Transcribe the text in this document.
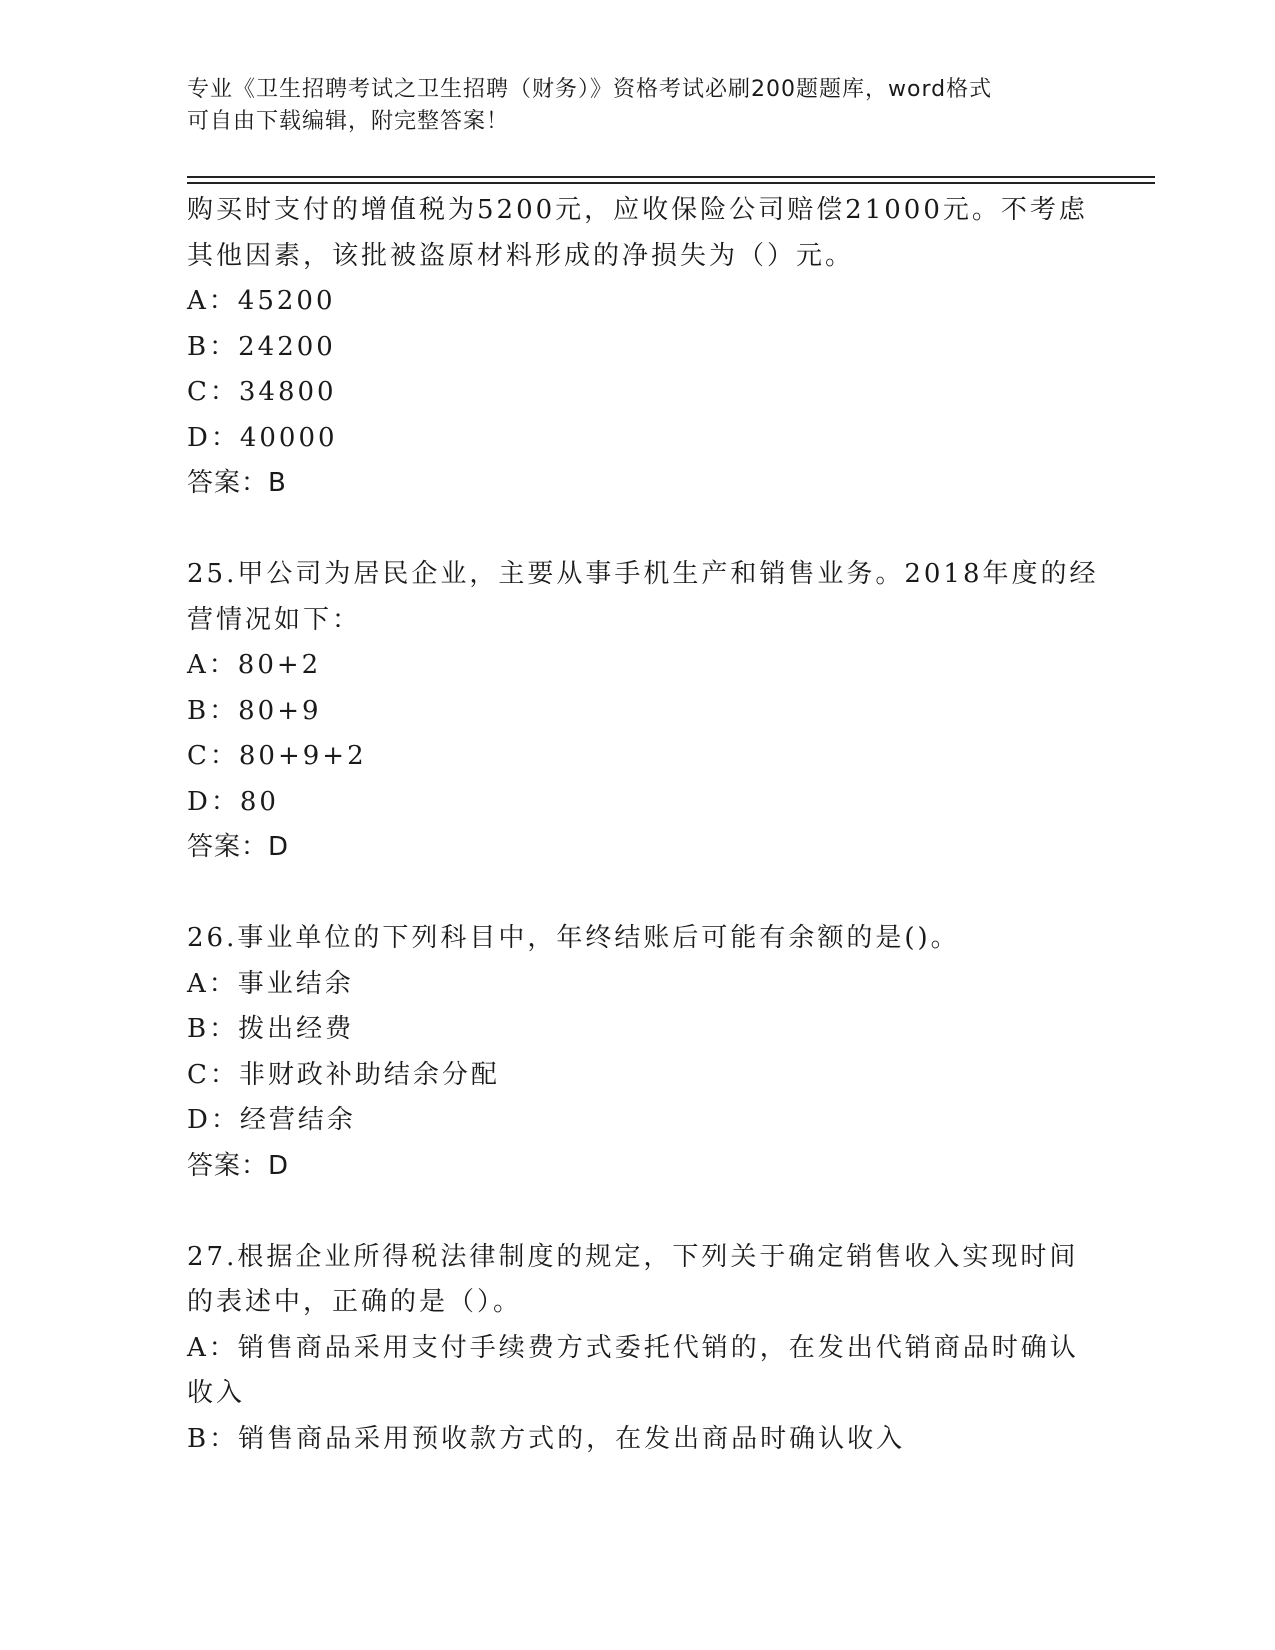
专业《卫生招聘考试之卫生招聘（财务）》资格考试必刷200题题库，word格式
可自由下载编辑，附完整答案！
购买时支付的增值税为5200元，应收保险公司赔偿21000元。不考虑
其他因素，该批被盗原材料形成的净损失为（）元。
A：45200
B：24200
C：34800
D：40000
答案：B
25.甲公司为居民企业，主要从事手机生产和销售业务。2018年度的经
营情况如下：
A：80+2
B：80+9
C：80+9+2
D：80
答案：D
26.事业单位的下列科目中，年终结账后可能有余额的是()。
A：事业结余
B：拨出经费
C：非财政补助结余分配
D：经营结余
答案：D
27.根据企业所得税法律制度的规定，下列关于确定销售收入实现时间
的表述中，正确的是（）。
A：销售商品采用支付手续费方式委托代销的，在发出代销商品时确认
收入
B：销售商品采用预收款方式的，在发出商品时确认收入
